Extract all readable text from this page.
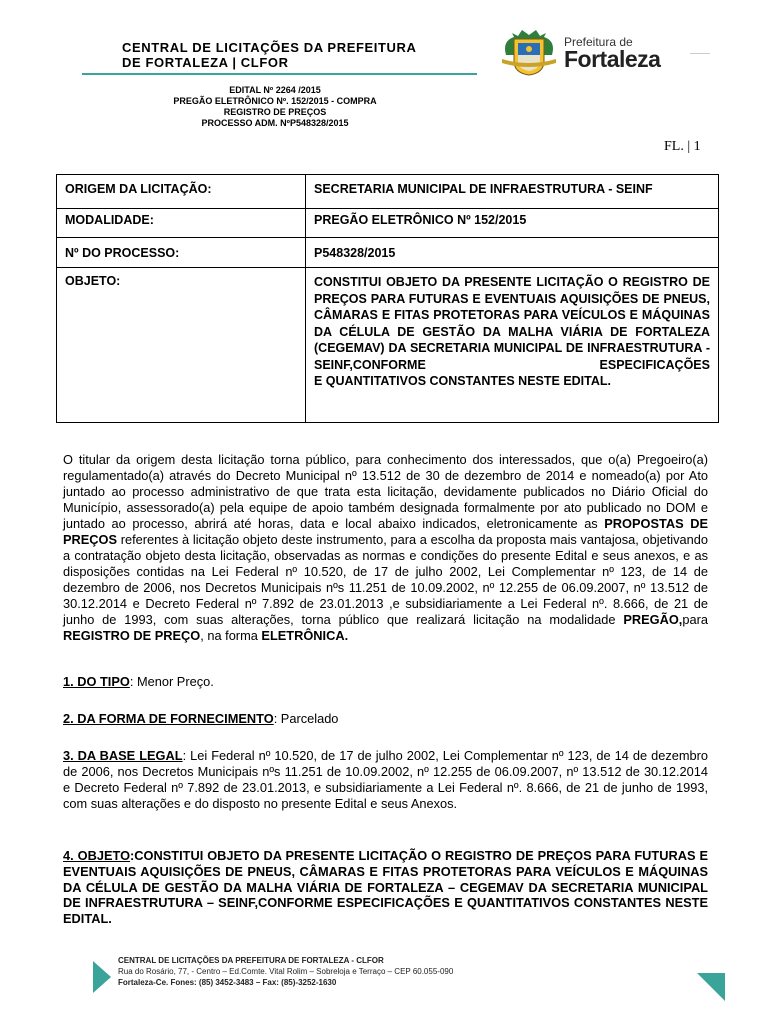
CENTRAL DE LICITAÇÕES DA PREFEITURA
DE FORTALEZA | CLFOR
Prefeitura de
Fortaleza
EDITAL Nº 2264 /2015
PREGÃO ELETRÔNICO Nº. 152/2015 - COMPRA
REGISTRO DE PREÇOS
PROCESSO ADM. NºP548328/2015
FL. | 1
ORIGEM DA LICITAÇÃO:	SECRETARIA MUNICIPAL DE INFRAESTRUTURA - SEINF
MODALIDADE:	PREGÃO ELETRÔNICO Nº 152/2015
Nº DO PROCESSO:	P548328/2015
OBJETO:	CONSTITUI OBJETO DA PRESENTE LICITAÇÃO O REGISTRO DE PREÇOS PARA FUTURAS E EVENTUAIS AQUISIÇÕES DE PNEUS, CÂMARAS E FITAS PROTETORAS PARA VEÍCULOS E MÁQUINAS DA CÉLULA DE GESTÃO DA MALHA VIÁRIA DE FORTALEZA (CEGEMAV) DA SECRETARIA MUNICIPAL DE INFRAESTRUTURA - SEINF,CONFORME ESPECIFICAÇÕES
E QUANTITATIVOS CONSTANTES NESTE EDITAL.
O titular da origem desta licitação torna público, para conhecimento dos interessados, que o(a) Pregoeiro(a) regulamentado(a) através do Decreto Municipal nº 13.512 de 30 de dezembro de 2014 e nomeado(a) por Ato juntado ao processo administrativo de que trata esta licitação, devidamente publicados no Diário Oficial do Município, assessorado(a) pela equipe de apoio também designada formalmente por ato publicado no DOM e juntado ao processo, abrirá até horas, data e local abaixo indicados, eletronicamente as PROPOSTAS DE PREÇOS referentes à licitação objeto deste instrumento, para a escolha da proposta mais vantajosa, objetivando a contratação objeto desta licitação, observadas as normas e condições do presente Edital e seus anexos, e as disposições contidas na Lei Federal nº 10.520, de 17 de julho 2002, Lei Complementar nº 123, de 14 de dezembro de 2006, nos Decretos Municipais nºs 11.251 de 10.09.2002, nº 12.255 de 06.09.2007, nº 13.512 de 30.12.2014 e Decreto Federal nº 7.892 de 23.01.2013 ,e subsidiariamente a Lei Federal nº. 8.666, de 21 de junho de 1993, com suas alterações, torna público que realizará licitação na modalidade PREGÃO,para REGISTRO DE PREÇO, na forma ELETRÔNICA.
1. DO TIPO: Menor Preço.
2. DA FORMA DE FORNECIMENTO: Parcelado
3. DA BASE LEGAL: Lei Federal nº 10.520, de 17 de julho 2002, Lei Complementar nº 123, de 14 de dezembro de 2006, nos Decretos Municipais nºs 11.251 de 10.09.2002, nº 12.255 de 06.09.2007, nº 13.512 de 30.12.2014 e Decreto Federal nº 7.892 de 23.01.2013, e subsidiariamente a Lei Federal nº. 8.666, de 21 de junho de 1993, com suas alterações e do disposto no presente Edital e seus Anexos.
4. OBJETO:CONSTITUI OBJETO DA PRESENTE LICITAÇÃO O REGISTRO DE PREÇOS PARA FUTURAS E EVENTUAIS AQUISIÇÕES DE PNEUS, CÂMARAS E FITAS PROTETORAS PARA VEÍCULOS E MÁQUINAS DA CÉLULA DE GESTÃO DA MALHA VIÁRIA DE FORTALEZA – CEGEMAV DA SECRETARIA MUNICIPAL DE INFRAESTRUTURA – SEINF,CONFORME ESPECIFICAÇÕES E QUANTITATIVOS CONSTANTES NESTE EDITAL.
CENTRAL DE LICITAÇÕES DA PREFEITURA DE FORTALEZA - CLFOR
Rua do Rosário, 77, - Centro – Ed.Comte. Vital Rolim – Sobreloja e Terraço – CEP 60.055-090
Fortaleza-Ce. Fones: (85) 3452-3483 – Fax: (85)-3252-1630
